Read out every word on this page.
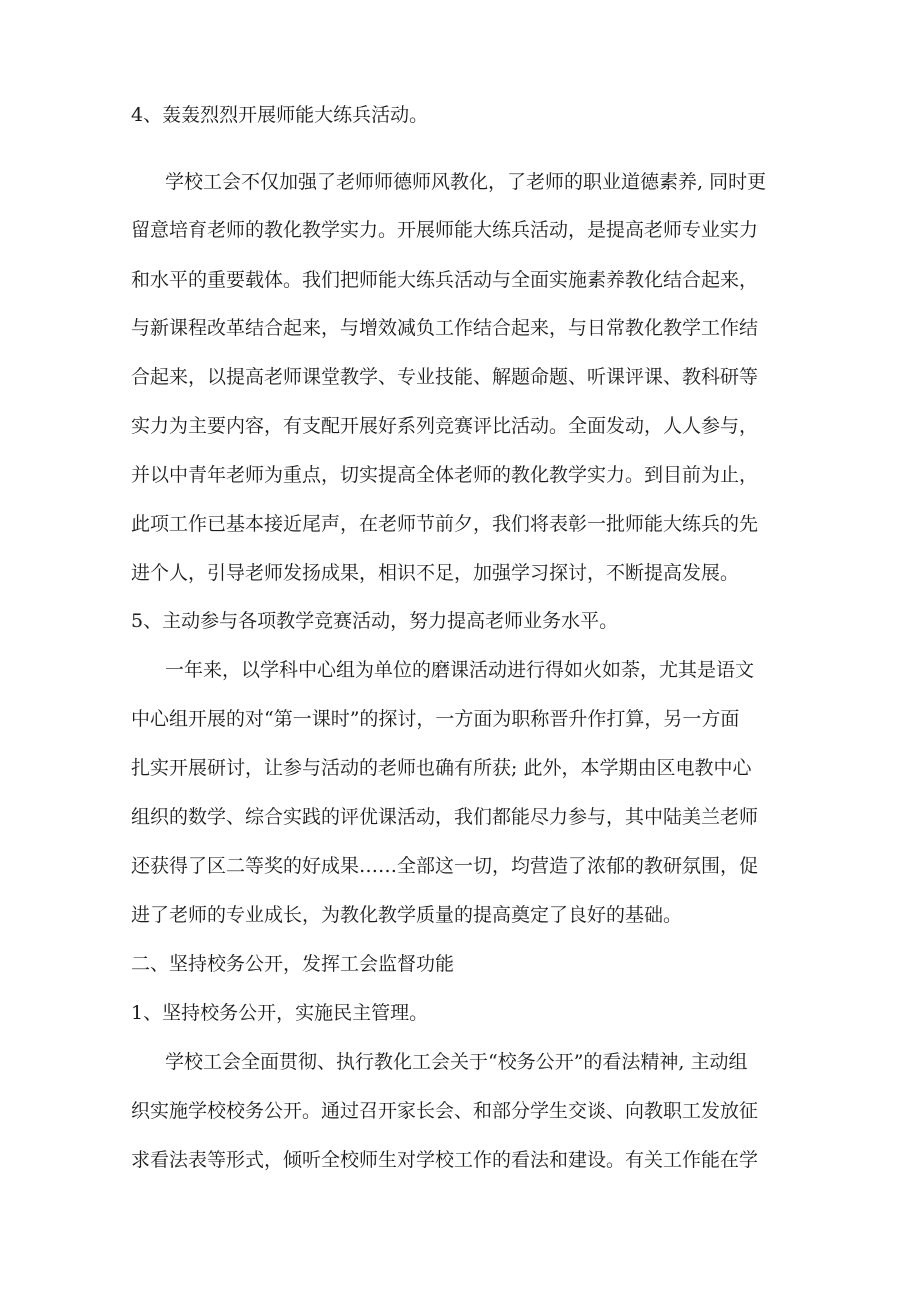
4、轰轰烈烈开展师能大练兵活动。
学校工会不仅加强了老师师德师风教化，了老师的职业道德素养, 同时更
留意培育老师的教化教学实力。开展师能大练兵活动，是提高老师专业实力
和水平的重要载体。我们把师能大练兵活动与全面实施素养教化结合起来，
与新课程改革结合起来，与增效减负工作结合起来，与日常教化教学工作结
合起来，以提高老师课堂教学、专业技能、解题命题、听课评课、教科研等
实力为主要内容，有支配开展好系列竞赛评比活动。全面发动，人人参与，
并以中青年老师为重点，切实提高全体老师的教化教学实力。到目前为止，
此项工作已基本接近尾声，在老师节前夕，我们将表彰一批师能大练兵的先
进个人，引导老师发扬成果，相识不足，加强学习探讨，不断提高发展。
5、主动参与各项教学竞赛活动，努力提高老师业务水平。
一年来，以学科中心组为单位的磨课活动进行得如火如荼，尤其是语文
中心组开展的对“第一课时”的探讨，一方面为职称晋升作打算，另一方面
扎实开展研讨，让参与活动的老师也确有所获; 此外，本学期由区电教中心
组织的数学、综合实践的评优课活动，我们都能尽力参与，其中陆美兰老师
还获得了区二等奖的好成果……全部这一切，均营造了浓郁的教研氛围，促
进了老师的专业成长，为教化教学质量的提高奠定了良好的基础。
二、坚持校务公开，发挥工会监督功能
1、坚持校务公开，实施民主管理。
学校工会全面贯彻、执行教化工会关于“校务公开”的看法精神, 主动组
织实施学校校务公开。通过召开家长会、和部分学生交谈、向教职工发放征
求看法表等形式，倾听全校师生对学校工作的看法和建设。有关工作能在学
